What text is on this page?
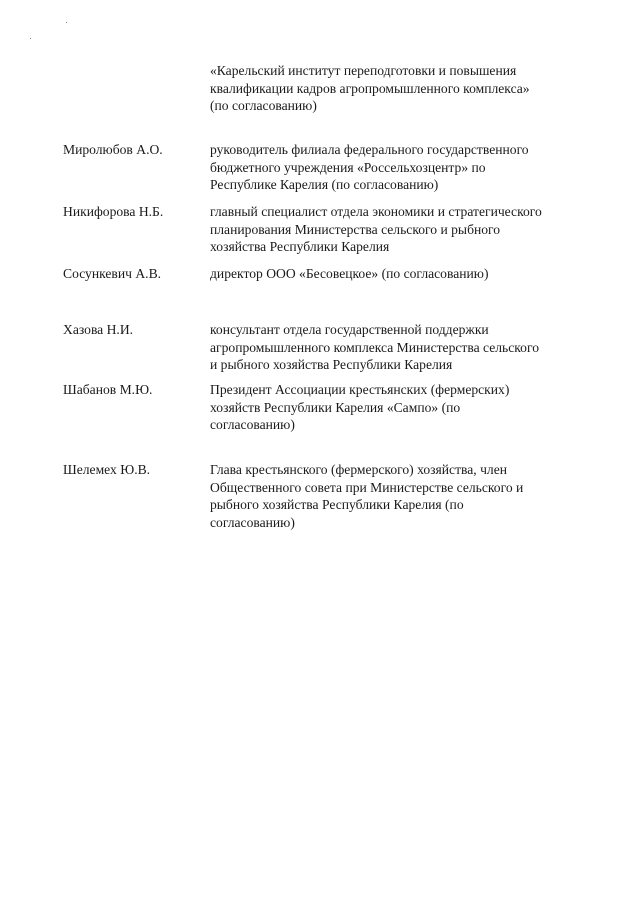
«Карельский институт переподготовки и повышения
квалификации кадров агропромышленного комплекса»
(по согласованию)
Миролюбов А.О.	руководитель филиала федерального государственного
бюджетного учреждения «Россельхозцентр» по
Республике Карелия (по согласованию)
Никифорова Н.Б.	главный специалист отдела экономики и стратегического
планирования Министерства сельского и рыбного
хозяйства Республики Карелия
Сосункевич А.В.	директор ООО «Бесовецкое» (по согласованию)
Хазова Н.И.	консультант отдела государственной поддержки
агропромышленного комплекса Министерства сельского
и рыбного хозяйства Республики Карелия
Шабанов М.Ю.	Президент Ассоциации крестьянских (фермерских)
хозяйств Республики Карелия «Сампо» (по
согласованию)
Шелемех Ю.В.	Глава крестьянского (фермерского) хозяйства, член
Общественного совета при Министерстве сельского и
рыбного хозяйства Республики Карелия (по
согласованию)
